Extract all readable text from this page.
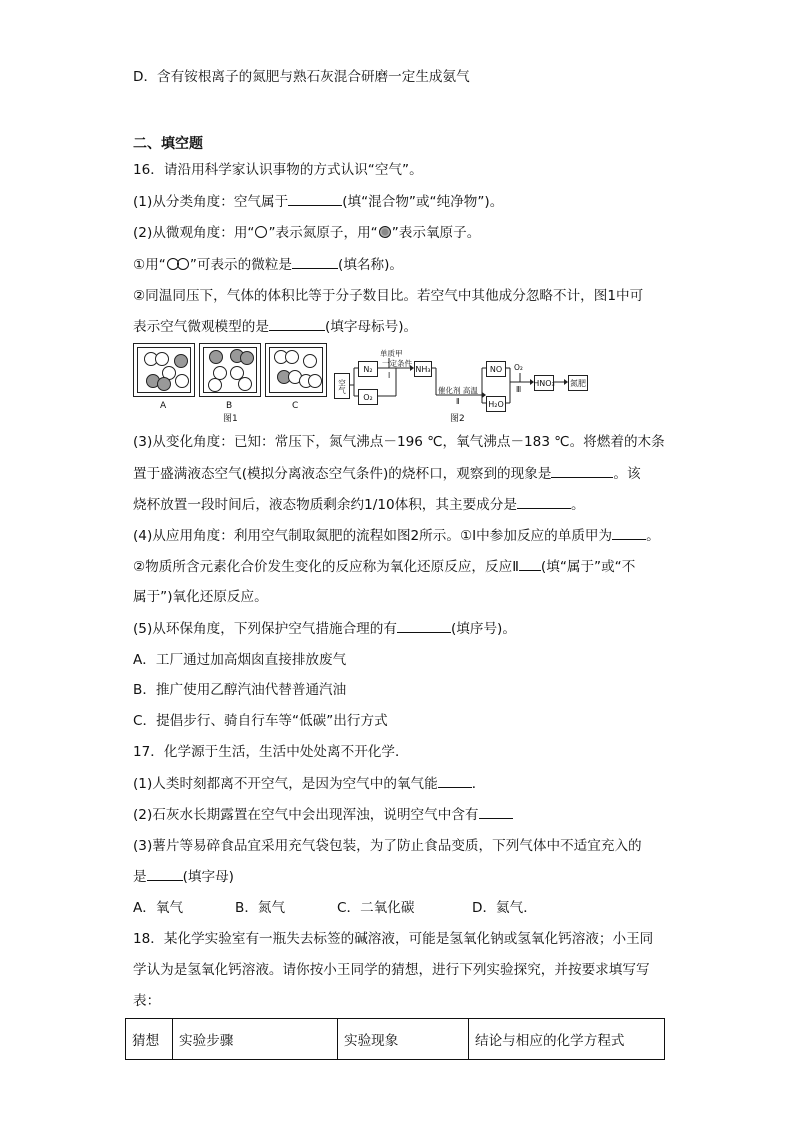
D．含有铵根离子的氮肥与熟石灰混合研磨一定生成氨气
二、填空题
16．请沿用科学家认识事物的方式认识“空气”。
(1)从分类角度：空气属于	(填“混合物”或“纯净物”)。
(2)从微观角度：用“ ”表示氮原子，用“ ”表示氧原子。
①用“ ”可表示的微粒是	(填名称)。
②同温同压下，气体的体积比等于分子数目比。若空气中其他成分忽略不计，图1中可
表示空气微观模型的是	(填字母标号)。
A	B	C
图1
空气
N₂
O₂
单质甲
一定条件
Ⅰ
NH₃
催化剂 高温
Ⅱ
NO
H₂O
O₂
Ⅲ
HNO₃ 氮肥
图2
(3)从变化角度：已知：常压下，氮气沸点－196 ℃，氧气沸点－183 ℃。将燃着的木条
置于盛满液态空气(模拟分离液态空气条件)的烧杯口，观察到的现象是	。该
烧杯放置一段时间后，液态物质剩余约1/10体积，其主要成分是	。
(4)从应用角度：利用空气制取氮肥的流程如图2所示。①Ⅰ中参加反应的单质甲为	。
②物质所含元素化合价发生变化的反应称为氧化还原反应，反应Ⅱ (填“属于”或“不
属于”)氧化还原反应。
(5)从环保角度，下列保护空气措施合理的有	(填序号)。
A．工厂通过加高烟囱直接排放废气
B．推广使用乙醇汽油代替普通汽油
C．提倡步行、骑自行车等“低碳”出行方式
17．化学源于生活，生活中处处离不开化学．
(1)人类时刻都离不开空气，是因为空气中的氧气能	．
(2)石灰水长期露置在空气中会出现浑浊，说明空气中含有
(3)薯片等易碎食品宜采用充气袋包装，为了防止食品变质，下列气体中不适宜充入的
是	(填字母)
A．氧气	B．氮气	C．二氧化碳	D．氦气．
18．某化学实验室有一瓶失去标签的碱溶液，可能是氢氧化钠或氢氧化钙溶液；小王同
学认为是氢氧化钙溶液。请你按小王同学的猜想，进行下列实验探究，并按要求填写写
表：
猜想	实验步骤	实验现象	结论与相应的化学方程式
